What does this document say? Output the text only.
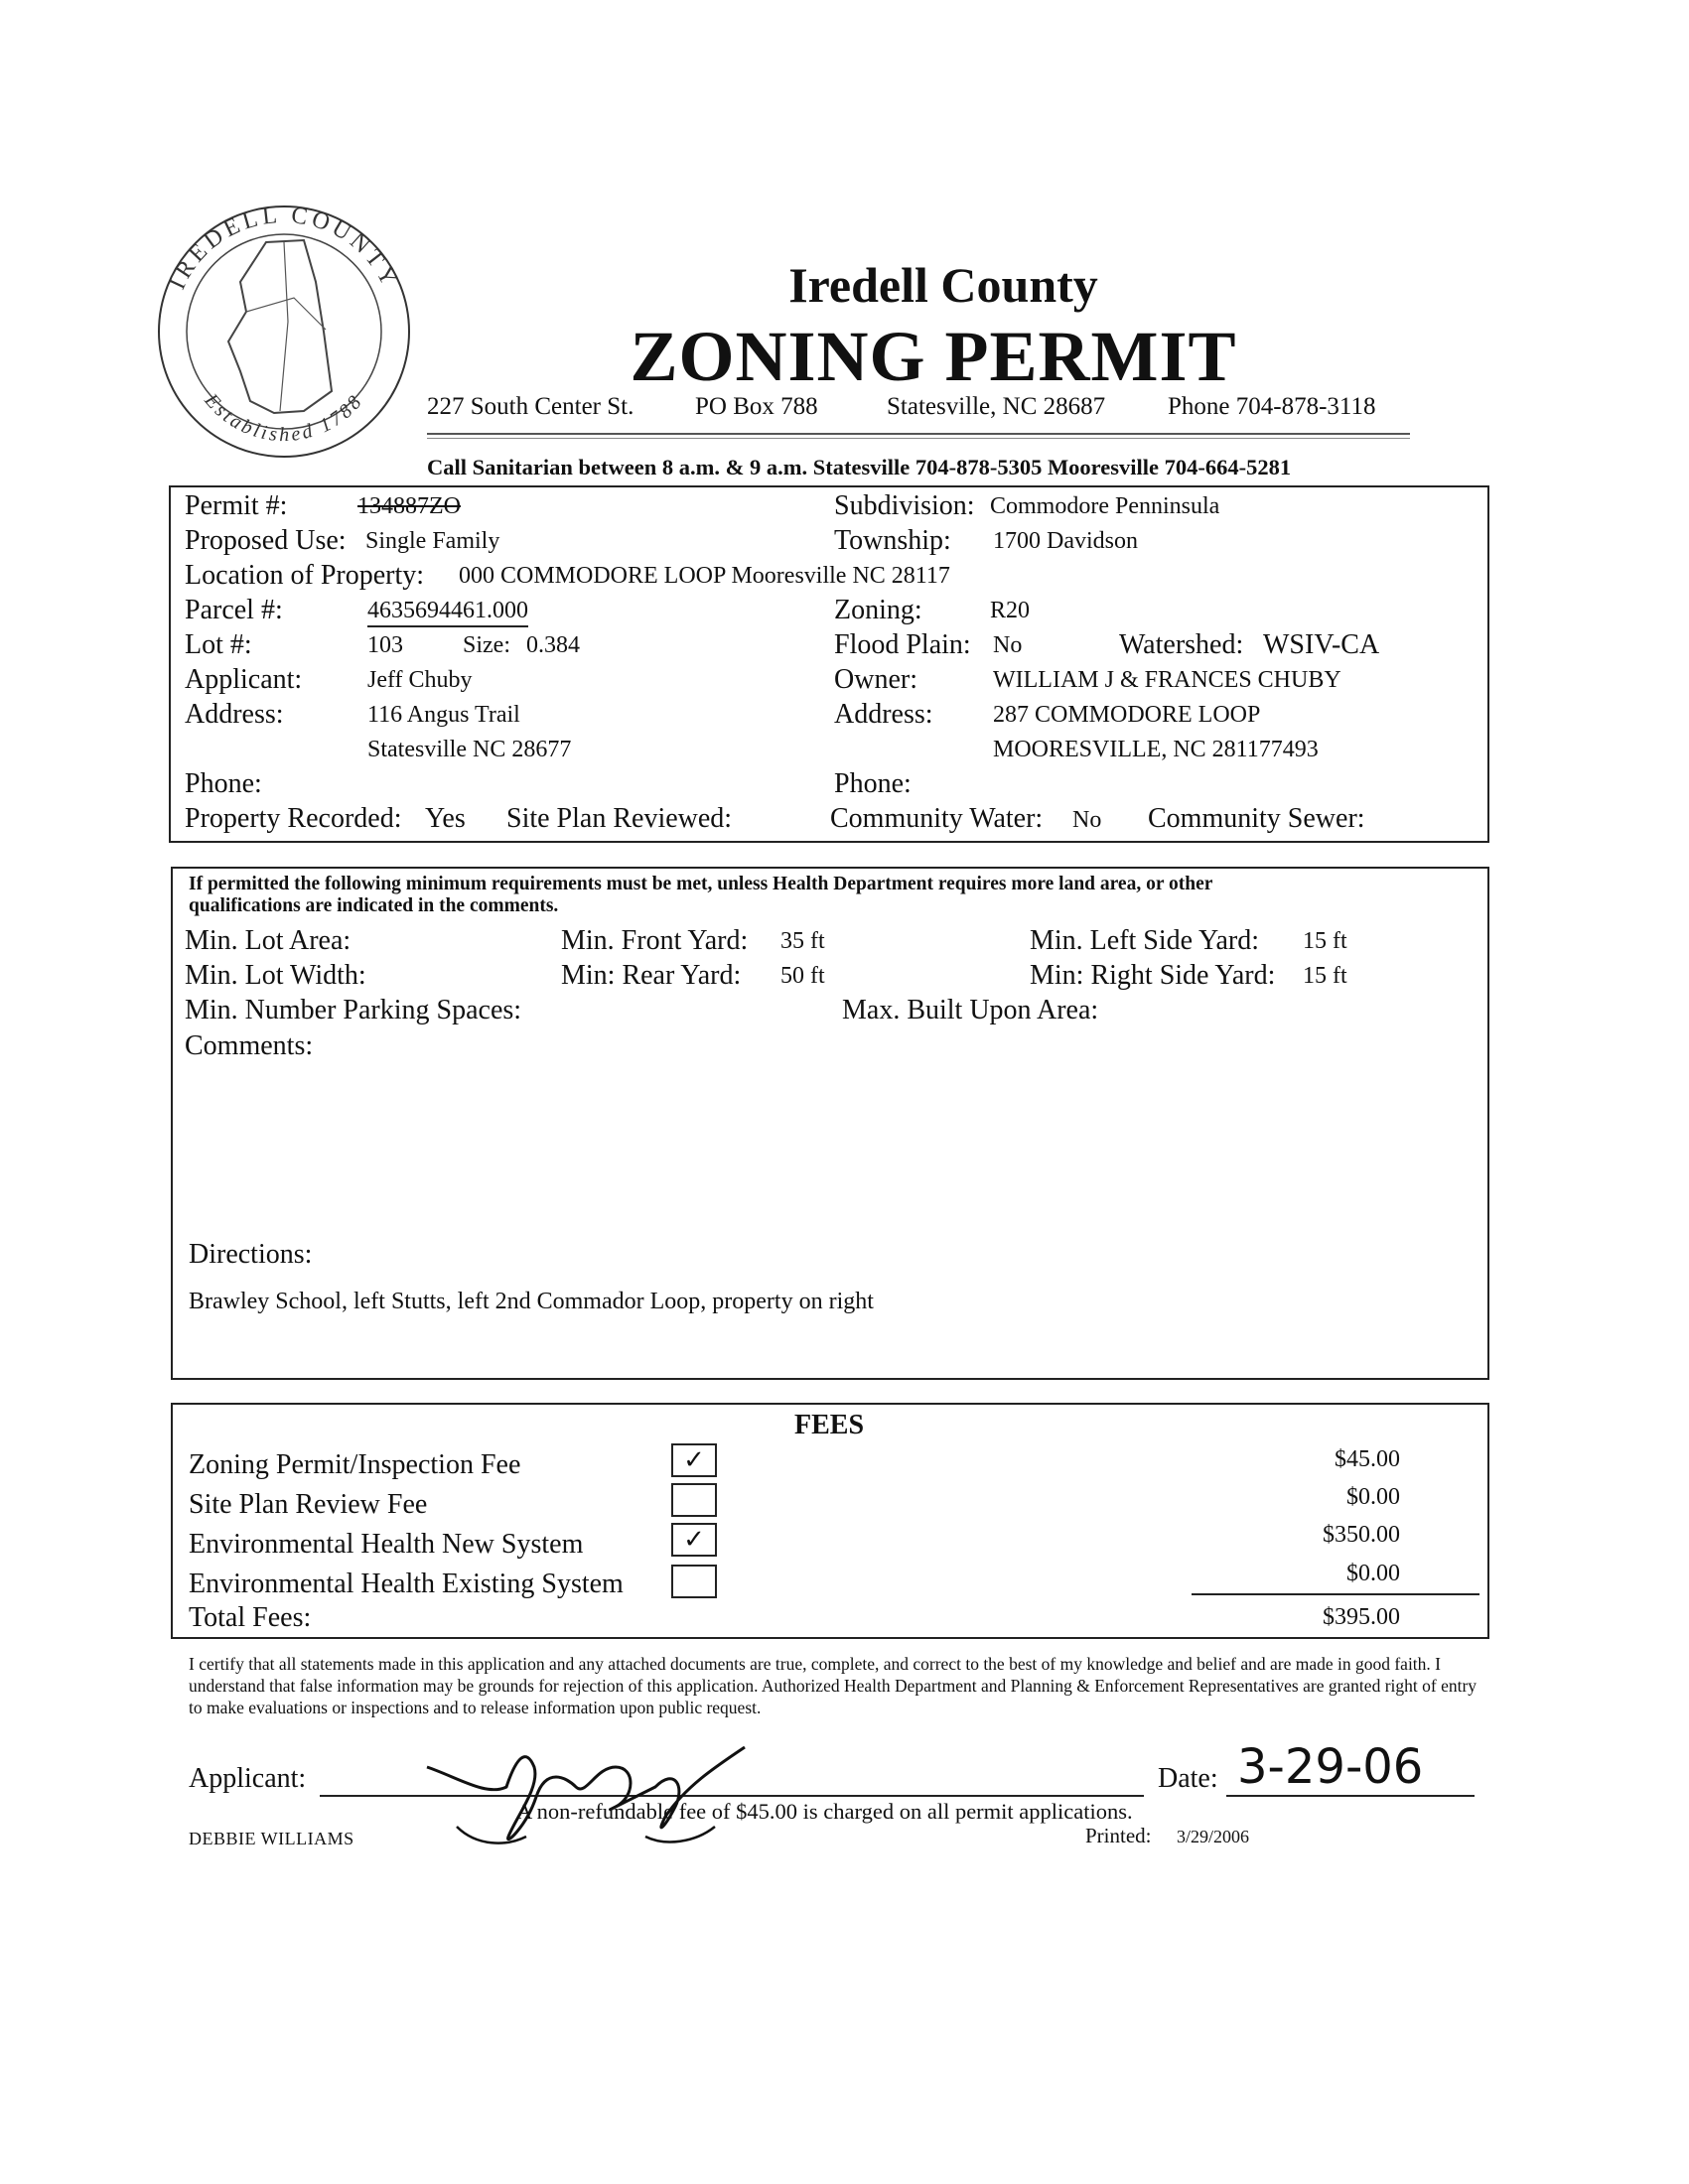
IREDELL COUNTY
Established 1788
Iredell County
ZONING PERMIT
227 South Center St. PO Box 788	Statesville, NC 28687	Phone 704-878-3118
Call Sanitarian between 8 a.m. & 9 a.m. Statesville 704-878-5305 Mooresville 704-664-5281
Permit #:	134887ZO	Subdivision: Commodore Penninsula
Proposed Use: Single Family	Township: 1700 Davidson
Location of Property: 000 COMMODORE LOOP Mooresville NC 28117
Parcel #:	4635694461.000	Zoning:	R20
Lot #:	103	Size: 0.384	Flood Plain: No	Watershed: WSIV-CA
Applicant:	Jeff Chuby	Owner:	WILLIAM J & FRANCES CHUBY
Address:	116 Angus Trail	Address:	287 COMMODORE LOOP
Statesville NC 28677	MOORESVILLE, NC 281177493
Phone:	Phone:
Property Recorded: Yes Site Plan Reviewed:	Community Water: No Community Sewer:
If permitted the following minimum requirements must be met, unless Health Department requires more land area, or other
qualifications are indicated in the comments.
Min. Lot Area:	Min. Front Yard: 35 ft	Min. Left Side Yard: 15 ft
Min. Lot Width:	Min: Rear Yard: 50 ft	Min: Right Side Yard: 15 ft
Min. Number Parking Spaces:	Max. Built Upon Area:
Comments:
Directions:
Brawley School, left Stutts, left 2nd Commador Loop, property on right
FEES
Zoning Permit/Inspection Fee	✓	$45.00
Site Plan Review Fee	$0.00
Environmental Health New System	✓	$350.00
Environmental Health Existing System	$0.00
Total Fees:	$395.00
I certify that all statements made in this application and any attached documents are true, complete, and correct to the best of my knowledge and belief and are made in good faith. I understand that false information may be grounds for rejection of this application. Authorized Health Department and Planning & Enforcement Representatives are granted right of entry to make evaluations or inspections and to release information upon public request.
Applicant:	Date: 3-29-06
A non-refundable fee of $45.00 is charged on all permit applications.
DEBBIE WILLIAMS	Printed: 3/29/2006
